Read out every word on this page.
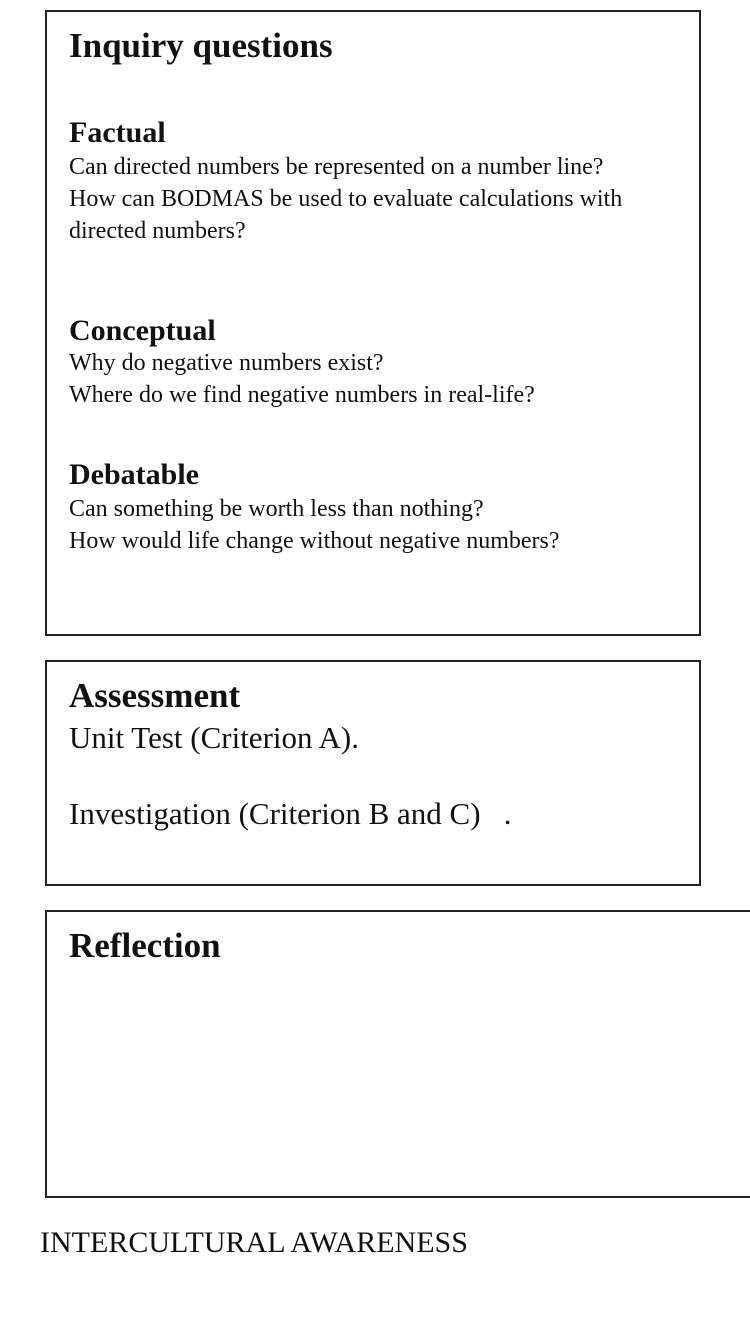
Inquiry questions
Factual
Can directed numbers be represented on a number line?
How can BODMAS be used to evaluate calculations with directed numbers?
Conceptual
Why do negative numbers exist?
Where do we find negative numbers in real-life?
Debatable
Can something be worth less than nothing?
How would life change without negative numbers?
Assessment

Unit Test (Criterion A).

Investigation (Criterion B and C)   .

Reflection

INTERCULTURAL AWARENESS
